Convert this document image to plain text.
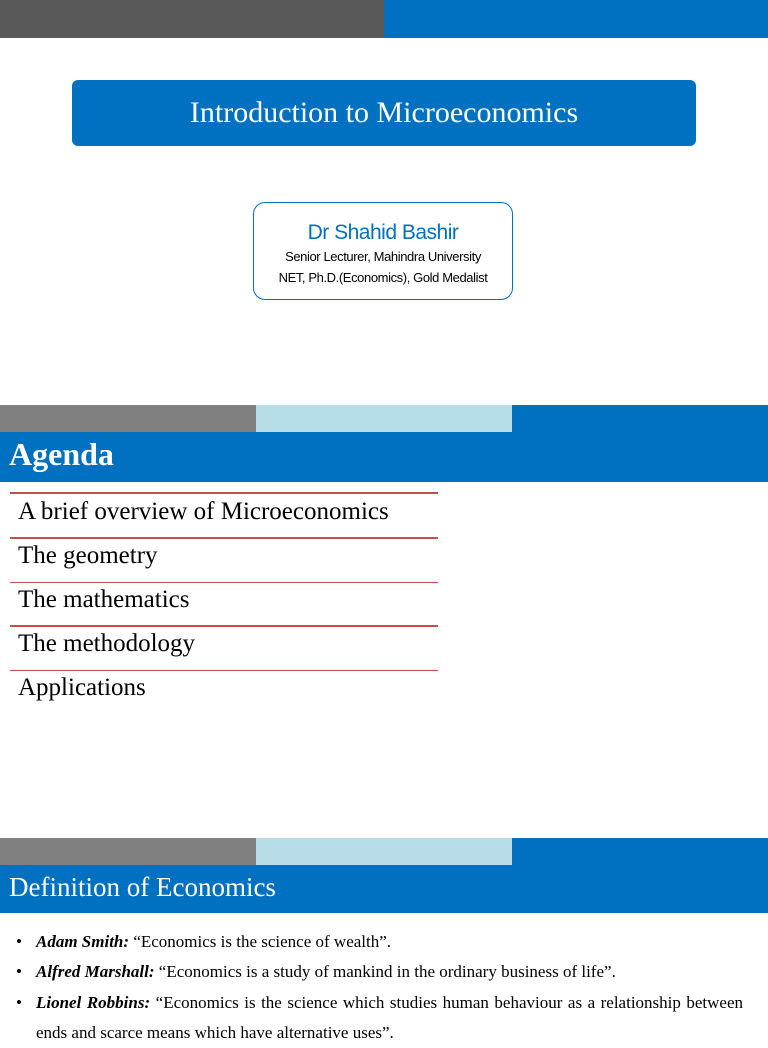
Introduction to Microeconomics
Dr Shahid Bashir
Senior Lecturer, Mahindra University
NET, Ph.D.(Economics), Gold Medalist
Agenda
A brief overview of Microeconomics
The geometry
The mathematics
The methodology
Applications
Definition of Economics
• Adam Smith: “Economics is the science of wealth”.
• Alfred Marshall: “Economics is a study of mankind in the ordinary business of life”.
• Lionel Robbins: “Economics is the science which studies human behaviour as a relationship between ends and scarce means which have alternative uses”.
